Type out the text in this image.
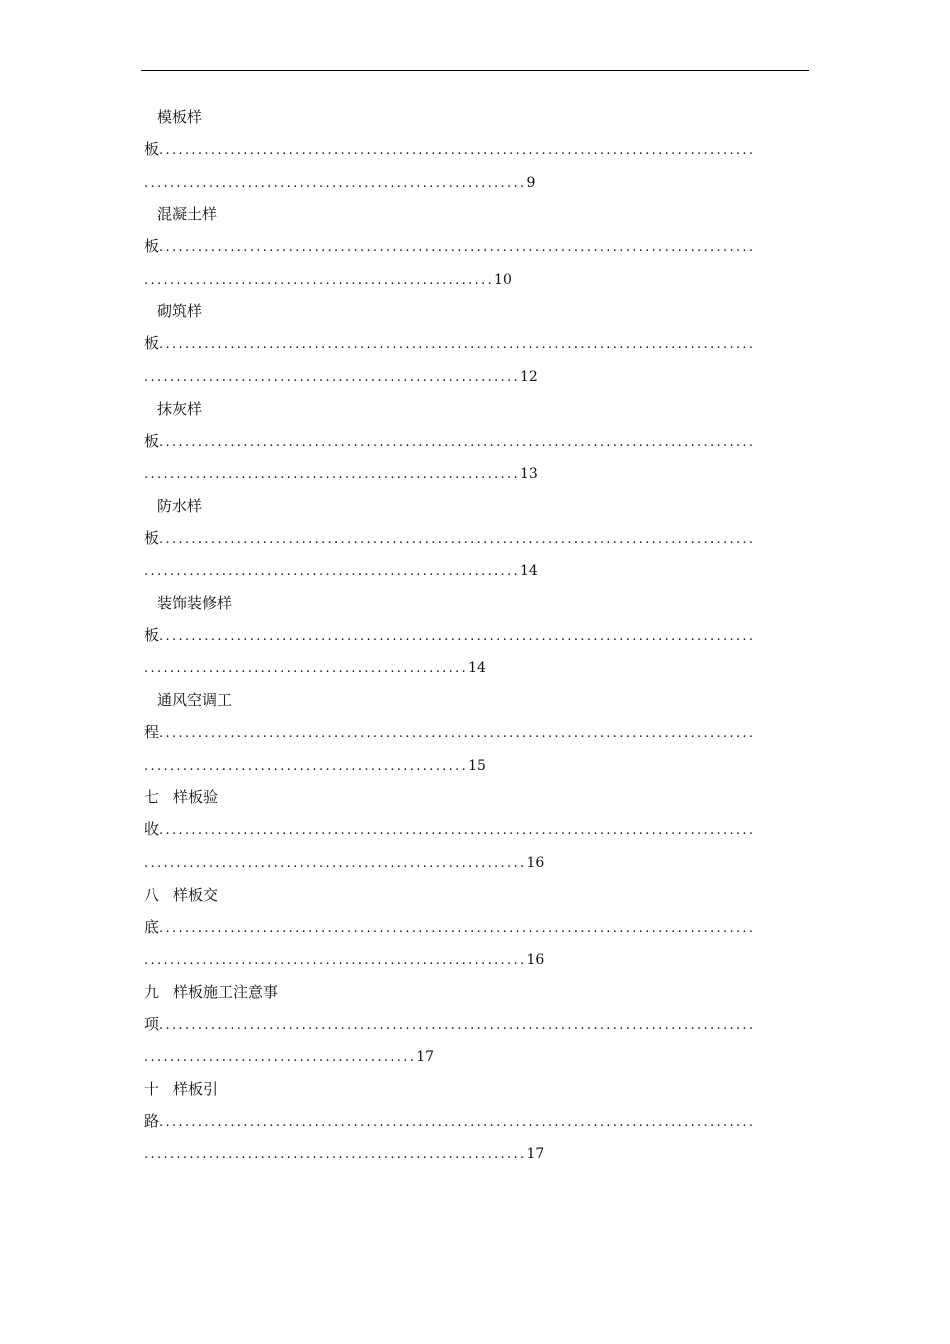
模板样
板............................................................................................
...........................................................9
混凝土样
板............................................................................................
......................................................10
砌筑样
板............................................................................................
..........................................................12
抹灰样
板............................................................................................
..........................................................13
防水样
板............................................................................................
..........................................................14
装饰装修样
板............................................................................................
..................................................14
通风空调工
程............................................................................................
..................................................15
七 样板验
收............................................................................................
...........................................................16
八 样板交
底............................................................................................
...........................................................16
九 样板施工注意事
项............................................................................................
..........................................17
十 样板引
路............................................................................................
...........................................................17
